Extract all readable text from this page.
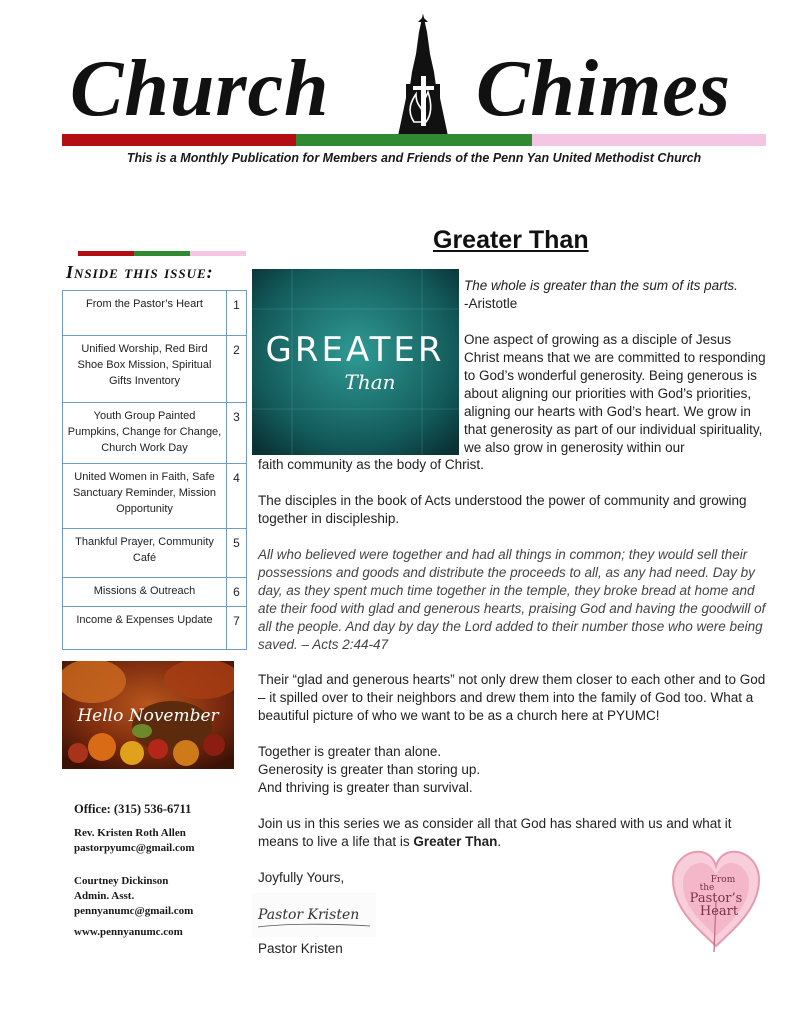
Church Chimes

This is a Monthly Publication for Members and Friends of the Penn Yan United Methodist Church

Inside this issue:
From the Pastor’s Heart	1
Unified Worship, Red Bird Shoe Box Mission, Spiritual Gifts Inventory	2
Youth Group Painted Pumpkins, Change for Change, Church Work Day	3
United Women in Faith, Safe Sanctuary Reminder, Mission Opportunity	4
Thankful Prayer, Community Café	5
Missions & Outreach	6
Income & Expenses Update	7
Hello November
Office: (315) 536-6711
Rev. Kristen Roth Allen
pastorpyumc@gmail.com
Courtney Dickinson
Admin. Asst.
pennyanumc@gmail.com
www.pennyanumc.com
Greater Than
GREATER
Than

The whole is greater than the sum of its parts.

-Aristotle

One aspect of growing as a disciple of Jesus Christ means that we are committed to responding to God’s wonderful generosity. Being generous is about aligning our priorities with God’s priorities, aligning our hearts with God’s heart. We grow in that generosity as part of our individual spirituality, we also grow in generosity within our

faith community as the body of Christ.

The disciples in the book of Acts understood the power of community and growing together in discipleship.

All who believed were together and had all things in common; they would sell their possessions and goods and distribute the proceeds to all, as any had need. Day by day, as they spent much time together in the temple, they broke bread at home and ate their food with glad and generous hearts, praising God and having the goodwill of all the people. And day by day the Lord added to their number those who were being saved. – Acts 2:44-47

Their “glad and generous hearts” not only drew them closer to each other and to God – it spilled over to their neighbors and drew them into the family of God too. What a beautiful picture of who we want to be as a church here at PYUMC!

Together is greater than alone.
Generosity is greater than storing up.
And thriving is greater than survival.

Join us in this series we as consider all that God has shared with us and what it means to live a life that is Greater Than.

Joyfully Yours,

Pastor Kristen

Pastor Kristen

From
the
Pastor’s
Heart
